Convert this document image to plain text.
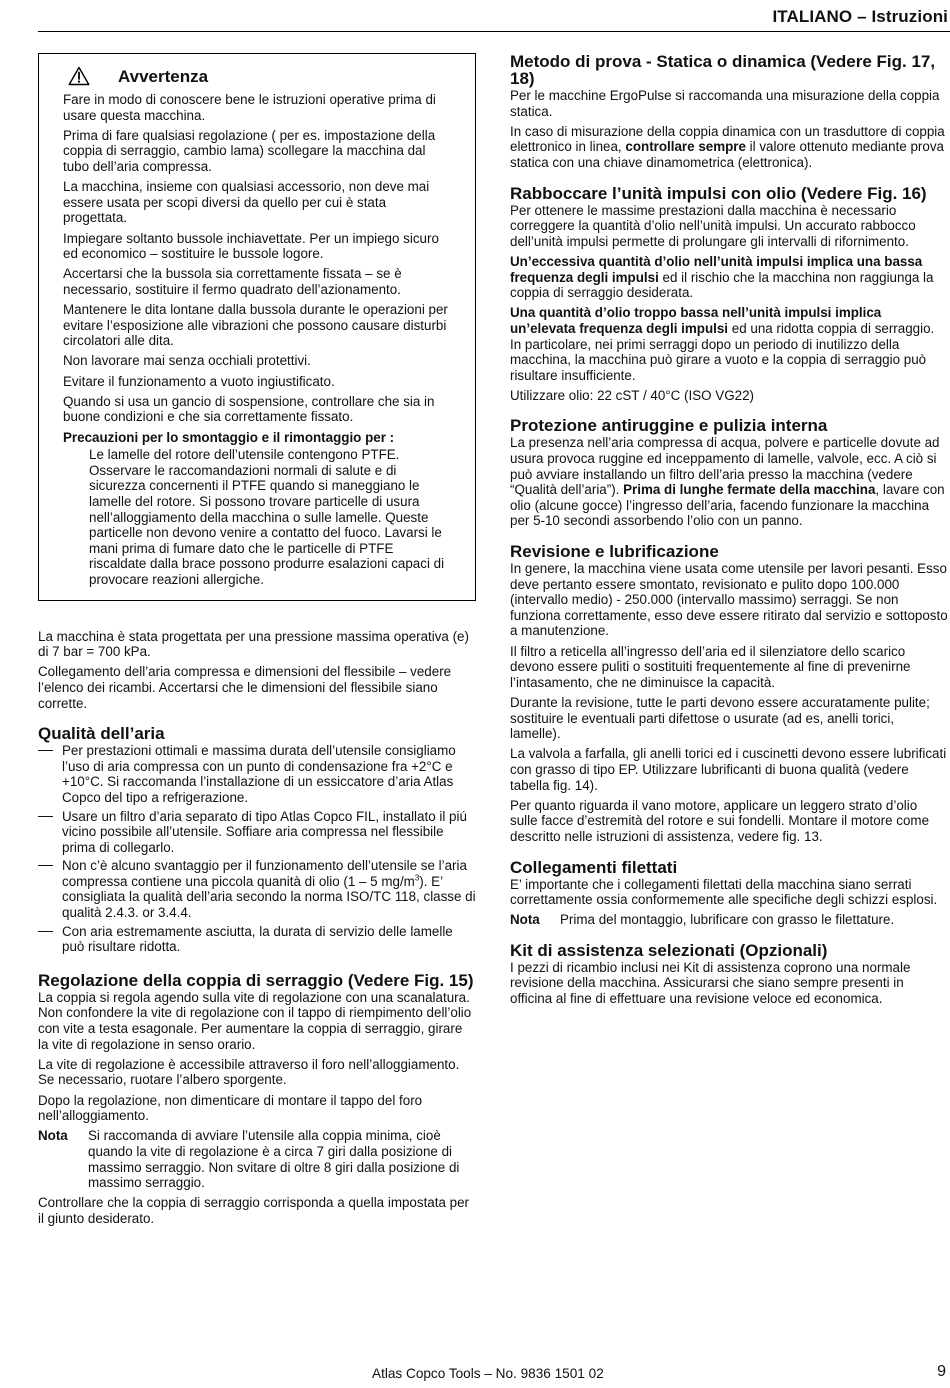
ITALIANO – Istruzioni
Avvertenza

Fare in modo di conoscere bene le istruzioni operative prima di usare questa macchina.

Prima di fare qualsiasi regolazione ( per es. impostazione della coppia di serraggio, cambio lama) scollegare la macchina dal tubo dell’aria compressa.

La macchina, insieme con qualsiasi accessorio, non deve mai essere usata per scopi diversi da quello per cui è stata progettata.

Impiegare soltanto bussole inchiavettate. Per un impiego sicuro ed economico – sostituire le bussole logore.

Accertarsi che la bussola sia correttamente fissata – se è necessario, sostituire il fermo quadrato dell’azionamento.

Mantenere le dita lontane dalla bussola durante le operazioni per evitare l’esposizione alle vibrazioni che possono causare disturbi circolatori alle dita.

Non lavorare mai senza occhiali protettivi.

Evitare il funzionamento a vuoto ingiustificato.

Quando si usa un gancio di sospensione, controllare che sia in buone condizioni e che sia correttamente fissato.

Precauzioni per lo smontaggio e il rimontaggio per :

Le lamelle del rotore dell’utensile contengono PTFE. Osservare le raccomandazioni normali di salute e di sicurezza concernenti il PTFE quando si maneggiano le lamelle del rotore. Si possono trovare particelle di usura nell’alloggiamento della macchina o sulle lamelle. Queste particelle non devono venire a contatto del fuoco. Lavarsi le mani prima di fumare dato che le particelle di PTFE riscaldate dalla brace possono produrre esalazioni capaci di provocare reazioni allergiche.

La macchina è stata progettata per una pressione massima operativa (e) di 7 bar = 700 kPa.

Collegamento dell’aria compressa e dimensioni del flessibile – vedere l’elenco dei ricambi. Accertarsi che le dimensioni del flessibile siano corrette.

Qualità dell’aria
Per prestazioni ottimali e massima durata dell’utensile consigliamo l’uso di aria compressa con un punto di condensazione fra +2°C e +10°C. Si raccomanda l’installazione di un essiccatore d’aria Atlas Copco del tipo a refrigerazione.
Usare un filtro d’aria separato di tipo Atlas Copco FIL, installato il piú vicino possibile all’utensile. Soffiare aria compressa nel flessibile prima di collegarlo.
Non c’è alcuno svantaggio per il funzionamento dell’utensile se l’aria compressa contiene una piccola quanità di olio (1 – 5 $mg/m^3$). E’ consigliata la qualità dell’aria secondo la norma ISO/TC 118, classe di qualità 2.4.3. or 3.4.4.
Con aria estremamente asciutta, la durata di servizio delle lamelle può risultare ridotta.
Regolazione della coppia di serraggio (Vedere Fig. 15)

La coppia si regola agendo sulla vite di regolazione con una scanalatura. Non confondere la vite di regolazione con il tappo di riempimento dell’olio con vite a testa esagonale. Per aumentare la coppia di serraggio, girare la vite di regolazione in senso orario.

La vite di regolazione è accessibile attraverso il foro nell’alloggiamento. Se necessario, ruotare l’albero sporgente.

Dopo la regolazione, non dimenticare di montare il tappo del foro nell’alloggiamento.

Nota	Si raccomanda di avviare l’utensile alla coppia minima, cioè quando la vite di regolazione è a circa 7 giri dalla posizione di massimo serraggio. Non svitare di oltre 8 giri dalla posizione di massimo serraggio.

Controllare che la coppia di serraggio corrisponda a quella impostata per il giunto desiderato.

Metodo di prova - Statica o dinamica (Vedere Fig. 17, 18)

Per le macchine ErgoPulse si raccomanda una misurazione della coppia statica.

In caso di misurazione della coppia dinamica con un trasduttore di coppia elettronico in linea, controllare sempre il valore ottenuto mediante prova statica con una chiave dinamometrica (elettronica).

Rabboccare l’unità impulsi con olio (Vedere Fig. 16)

Per ottenere le massime prestazioni dalla macchina è necessario correggere la quantità d’olio nell’unità impulsi. Un accurato rabbocco dell’unità impulsi permette di prolungare gli intervalli di rifornimento.

Un’eccessiva quantità d’olio nell’unità impulsi implica una bassa frequenza degli impulsi ed il rischio che la macchina non raggiunga la coppia di serraggio desiderata.

Una quantità d’olio troppo bassa nell’unità impulsi implica un’elevata frequenza degli impulsi ed una ridotta coppia di serraggio. In particolare, nei primi serraggi dopo un periodo di inutilizzo della macchina, la macchina può girare a vuoto e la coppia di serraggio può risultare insufficiente.

Utilizzare olio: 22 cST / 40°C (ISO VG22)

Protezione antiruggine e pulizia interna

La presenza nell’aria compressa di acqua, polvere e particelle dovute ad usura provoca ruggine ed inceppamento di lamelle, valvole, ecc. A ciò si può avviare installando un filtro dell’aria presso la macchina (vedere “Qualità dell’aria”). Prima di lunghe fermate della macchina, lavare con olio (alcune gocce) l’ingresso dell’aria, facendo funzionare la macchina per 5-10 secondi assorbendo l’olio con un panno.

Revisione e lubrificazione

In genere, la macchina viene usata come utensile per lavori pesanti. Esso deve pertanto essere smontato, revisionato e pulito dopo 100.000 (intervallo medio) - 250.000 (intervallo massimo) serraggi. Se non funziona correttamente, esso deve essere ritirato dal servizio e sottoposto a manutenzione.

Il filtro a reticella all’ingresso dell’aria ed il silenziatore dello scarico devono essere puliti o sostituiti frequentemente al fine di prevenirne l’intasamento, che ne diminuisce la capacità.

Durante la revisione, tutte le parti devono essere accuratamente pulite; sostituire le eventuali parti difettose o usurate (ad es, anelli torici, lamelle).

La valvola a farfalla, gli anelli torici ed i cuscinetti devono essere lubrificati con grasso di tipo EP. Utilizzare lubrificanti di buona qualità (vedere tabella fig. 14).

Per quanto riguarda il vano motore, applicare un leggero strato d’olio sulle facce d’estremità del rotore e sui fondelli. Montare il motore come descritto nelle istruzioni di assistenza, vedere fig. 13.

Collegamenti filettati

E’ importante che i collegamenti filettati della macchina siano serrati correttamente ossia conformemente alle specifiche degli schizzi esplosi.

Nota	Prima del montaggio, lubrificare con grasso le filettature.
Kit di assistenza selezionati (Opzionali)

I pezzi di ricambio inclusi nei Kit di assistenza coprono una normale revisione della macchina. Assicurarsi che siano sempre presenti in officina al fine di effettuare una revisione veloce ed economica.

Atlas Copco Tools – No. 9836 1501 02	9
